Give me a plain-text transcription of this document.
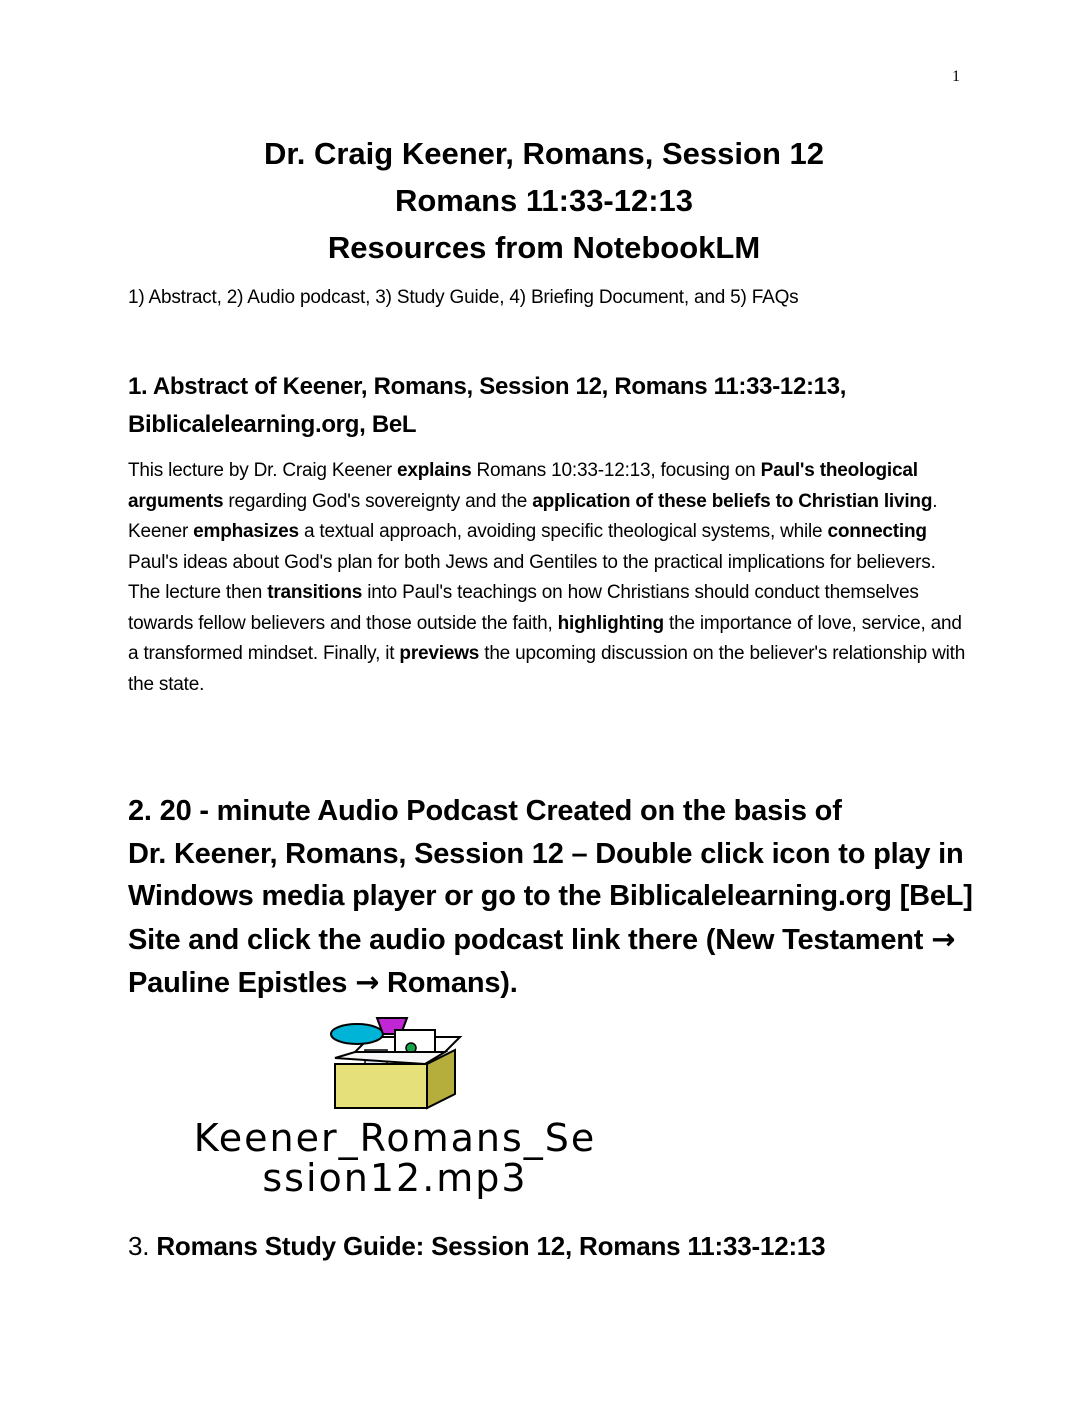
1
Dr. Craig Keener, Romans, Session 12
Romans 11:33-12:13
Resources from NotebookLM
1) Abstract, 2) Audio podcast, 3) Study Guide, 4) Briefing Document, and 5) FAQs
1. Abstract of Keener, Romans, Session 12, Romans 11:33-12:13,
Biblicalelearning.org, BeL
This lecture by Dr. Craig Keener explains Romans 10:33-12:13, focusing on Paul's theological arguments regarding God's sovereignty and the application of these beliefs to Christian living. Keener emphasizes a textual approach, avoiding specific theological systems, while connecting Paul's ideas about God's plan for both Jews and Gentiles to the practical implications for believers. The lecture then transitions into Paul's teachings on how Christians should conduct themselves towards fellow believers and those outside the faith, highlighting the importance of love, service, and a transformed mindset. Finally, it previews the upcoming discussion on the believer's relationship with the state.
2. 20 - minute Audio Podcast Created on the basis of
Dr. Keener, Romans, Session 12 – Double click icon to play in Windows media player or go to the Biblicalelearning.org [BeL] Site and click the audio podcast link there (New Testament → Pauline Epistles → Romans).
Keener_Romans_Se
ssion12.mp3
3. Romans Study Guide: Session 12, Romans 11:33-12:13
